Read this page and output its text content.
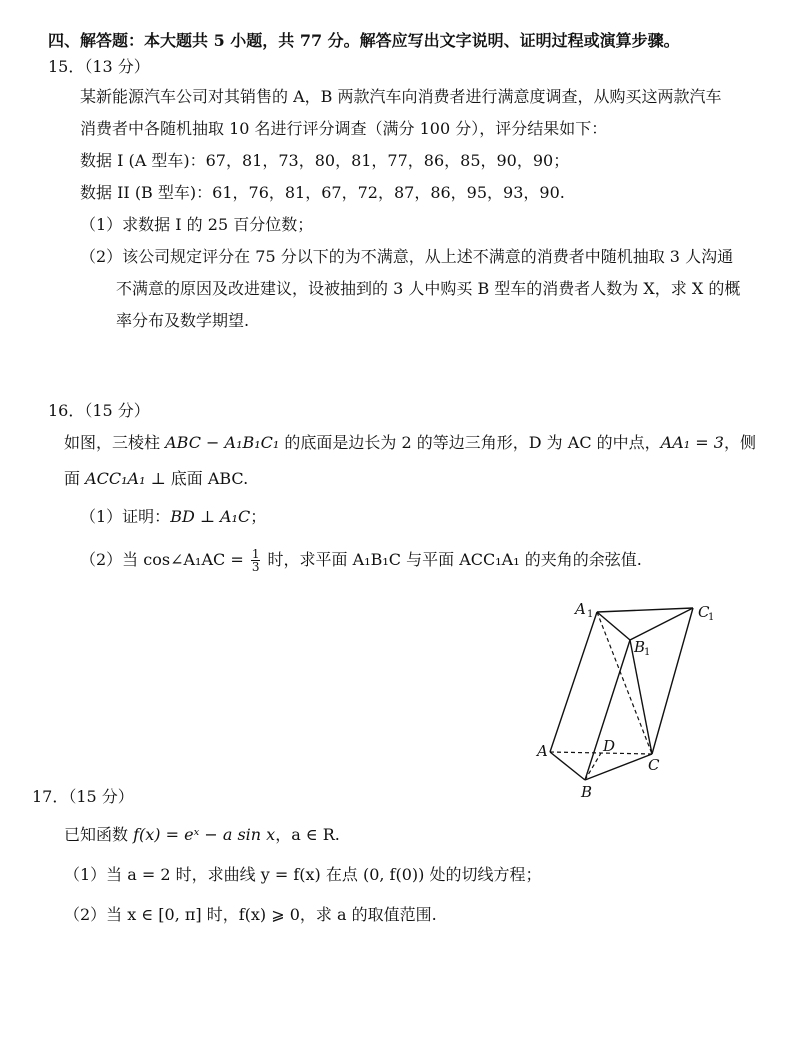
四、解答题：本大题共 5 小题，共 77 分。解答应写出文字说明、证明过程或演算步骤。
15．（13 分）
某新能源汽车公司对其销售的 A，B 两款汽车向消费者进行满意度调查，从购买这两款汽车
消费者中各随机抽取 10 名进行评分调查（满分 100 分），评分结果如下：
数据 I (A 型车)：67，81，73，80，81，77，86，85，90，90；
数据 II (B 型车)：61，76，81，67，72，87，86，95，93，90.
（1）求数据 I 的 25 百分位数；
（2）该公司规定评分在 75 分以下的为不满意，从上述不满意的消费者中随机抽取 3 人沟通
不满意的原因及改进建议，设被抽到的 3 人中购买 B 型车的消费者人数为 X，求 X 的概
率分布及数学期望.
16．（15 分）
如图，三棱柱 ABC − A₁B₁C₁ 的底面是边长为 2 的等边三角形，D 为 AC 的中点，AA₁ = 3，侧
面 ACC₁A₁ ⊥ 底面 ABC.
（1）证明：BD ⊥ A₁C；
（2）当 cos∠A₁AC = $\frac{1}{3}$ 时，求平面 A₁B₁C 与平面 ACC₁A₁ 的夹角的余弦值.
A 1	C
1
B
1
A	D
C
B
17．（15 分）
已知函数 f(x) = eˣ − a sin x，a ∈ R.
（1）当 a = 2 时，求曲线 y = f(x) 在点 (0, f(0)) 处的切线方程；
（2）当 x ∈ [0, π] 时，f(x) ⩾ 0，求 a 的取值范围.
